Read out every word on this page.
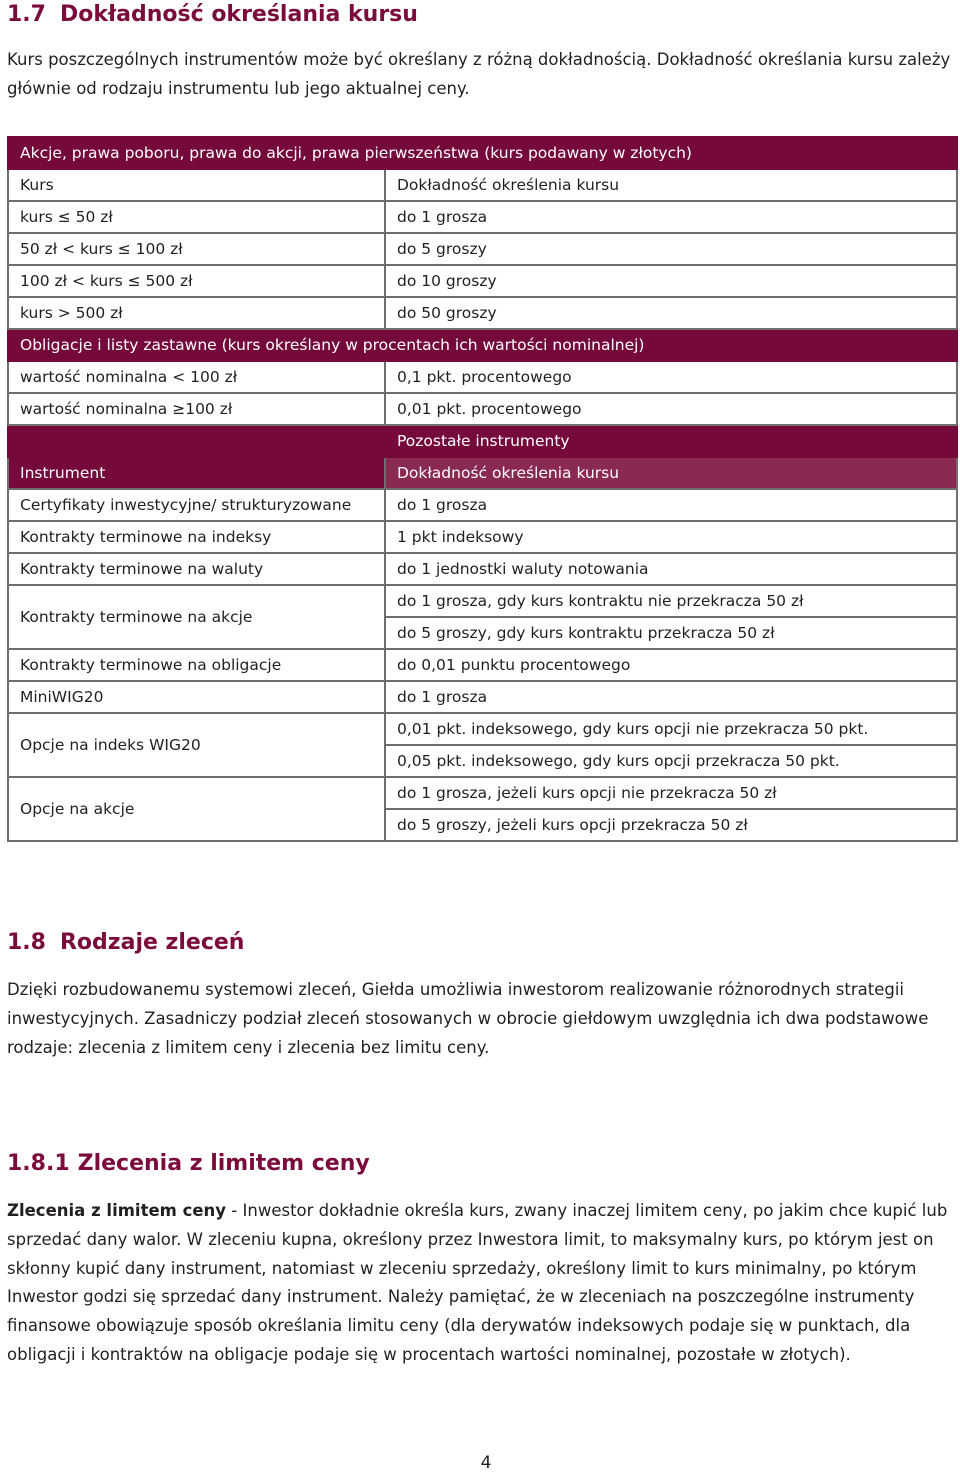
1.7 Dokładność określania kursu

Kurs poszczególnych instrumentów może być określany z różną dokładnością. Dokładność określania kursu zależy głównie od rodzaju instrumentu lub jego aktualnej ceny.

Akcje, prawa poboru, prawa do akcji, prawa pierwszeństwa (kurs podawany w złotych)	
Kurs	Dokładność określenia kursu
kurs ≤ 50 zł	do 1 grosza
50 zł < kurs ≤ 100 zł	do 5 groszy
100 zł < kurs ≤ 500 zł	do 10 groszy
kurs > 500 zł	do 50 groszy
Obligacje i listy zastawne (kurs określany w procentach ich wartości nominalnej)	
wartość nominalna < 100 zł	0,1 pkt. procentowego
wartość nominalna ≥100 zł	0,01 pkt. procentowego
	Pozostałe instrumenty
Instrument	Dokładność określenia kursu
Certyfikaty inwestycyjne/ strukturyzowane	do 1 grosza
Kontrakty terminowe na indeksy	1 pkt indeksowy
Kontrakty terminowe na waluty	do 1 jednostki waluty notowania
Kontrakty terminowe na akcje	do 1 grosza, gdy kurs kontraktu nie przekracza 50 zł
do 5 groszy, gdy kurs kontraktu przekracza 50 zł

Kontrakty terminowe na obligacje	do 0,01 punktu procentowego
MiniWIG20	do 1 grosza
Opcje na indeks WIG20	0,01 pkt. indeksowego, gdy kurs opcji nie przekracza 50 pkt.
0,05 pkt. indeksowego, gdy kurs opcji przekracza 50 pkt.

Opcje na akcje	do 1 grosza, jeżeli kurs opcji nie przekracza 50 zł
do 5 groszy, jeżeli kurs opcji przekracza 50 zł
1.8 Rodzaje zleceń

Dzięki rozbudowanemu systemowi zleceń, Giełda umożliwia inwestorom realizowanie różnorodnych strategii inwestycyjnych. Zasadniczy podział zleceń stosowanych w obrocie giełdowym uwzględnia ich dwa podstawowe rodzaje: zlecenia z limitem ceny i zlecenia bez limitu ceny.

1.8.1 Zlecenia z limitem ceny

Zlecenia z limitem ceny - Inwestor dokładnie określa kurs, zwany inaczej limitem ceny, po jakim chce kupić lub sprzedać dany walor. W zleceniu kupna, określony przez Inwestora limit, to maksymalny kurs, po którym jest on skłonny kupić dany instrument, natomiast w zleceniu sprzedaży, określony limit to kurs minimalny, po którym Inwestor godzi się sprzedać dany instrument. Należy pamiętać, że w zleceniach na poszczególne instrumenty finansowe obowiązuje sposób określania limitu ceny (dla derywatów indeksowych podaje się w punktach, dla obligacji i kontraktów na obligacje podaje się w procentach wartości nominalnej, pozostałe w złotych).

4
